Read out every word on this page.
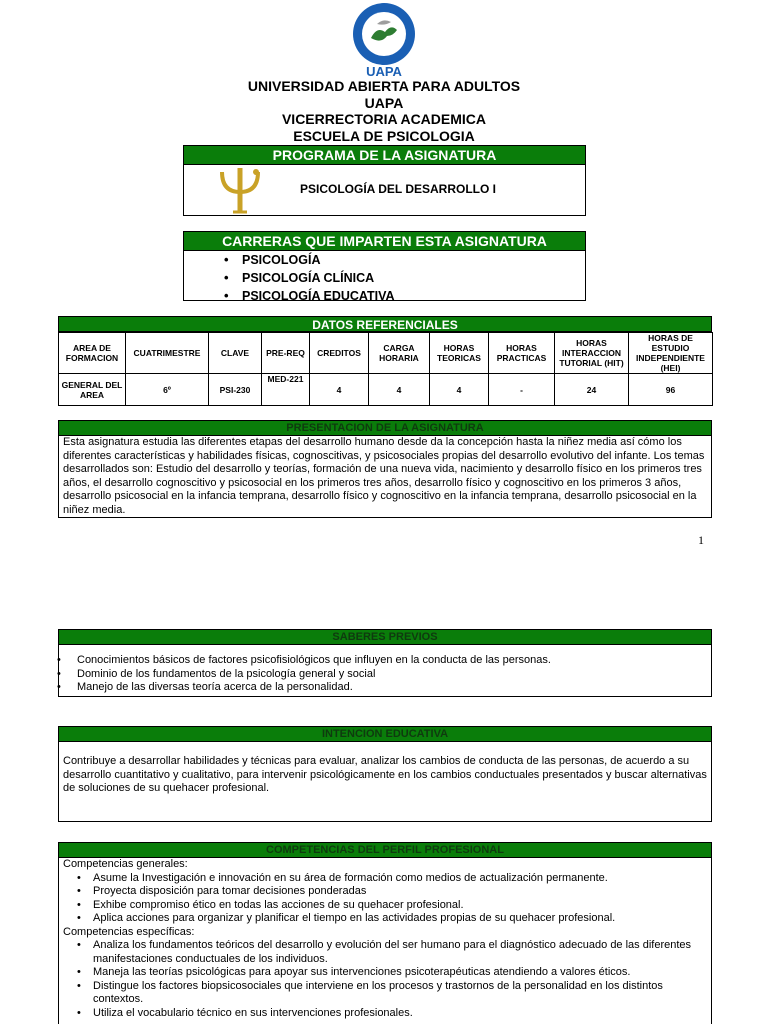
UAPA
UNIVERSIDAD ABIERTA PARA ADULTOS
UAPA
VICERRECTORIA ACADEMICA
ESCUELA DE PSICOLOGIA
PROGRAMA DE LA ASIGNATURA
PSICOLOGÍA DEL DESARROLLO I
CARRERAS QUE IMPARTEN ESTA ASIGNATURA
• PSICOLOGÍA
• PSICOLOGÍA CLÍNICA
• PSICOLOGÍA EDUCATIVA
DATOS REFERENCIALES
AREA DE FORMACION	CUATRIMESTRE	CLAVE	PRE-REQ	CREDITOS	CARGA HORARIA	HORAS TEORICAS	HORAS PRACTICAS	HORAS INTERACCION TUTORIAL (HIT)	HORAS DE ESTUDIO INDEPENDIENTE (HEI)
GENERAL DEL AREA	6º	PSI-230	MED-221	4	4	4	-	24	96
PRESENTACION DE LA ASIGNATURA

Esta asignatura estudia las diferentes etapas del desarrollo humano desde da la concepción hasta la niñez media así cómo los diferentes características y habilidades físicas, cognoscitivas, y psicosociales propias del desarrollo evolutivo del infante. Los temas desarrollados son: Estudio del desarrollo y teorías, formación de una nueva vida, nacimiento y desarrollo físico en los primeros tres años, el desarrollo cognoscitivo y psicosocial en los primeros tres años, desarrollo físico y cognoscitivo en los primeros 3 años, desarrollo psicosocial en la infancia temprana, desarrollo físico y cognoscitivo en la infancia temprana, desarrollo psicosocial en la niñez media.

1
SABERES PREVIOS
• Conocimientos básicos de factores psicofisiológicos que influyen en la conducta de las personas.
• Dominio de los fundamentos de la psicología general y social
• Manejo de las diversas teoría acerca de la personalidad.
INTENCION EDUCATIVA

Contribuye a desarrollar habilidades y técnicas para evaluar, analizar los cambios de conducta de las personas, de acuerdo a su desarrollo cuantitativo y cualitativo, para intervenir psicológicamente en los cambios conductuales presentados y buscar alternativas de soluciones de su quehacer profesional.

COMPETENCIAS DEL PERFIL PROFESIONAL

Competencias generales:

• Asume la Investigación e innovación en su área de formación como medios de actualización permanente.
• Proyecta disposición para tomar decisiones ponderadas
• Exhibe compromiso ético en todas las acciones de su quehacer profesional.
• Aplica acciones para organizar y planificar el tiempo en las actividades propias de su quehacer profesional.

Competencias específicas:

• Analiza los fundamentos teóricos del desarrollo y evolución del ser humano para el diagnóstico adecuado de las diferentes manifestaciones conductuales de los individuos.
• Maneja las teorías psicológicas para apoyar sus intervenciones psicoterapéuticas atendiendo a valores éticos.
• Distingue los factores biopsicosociales que interviene en los procesos y trastornos de la personalidad en los distintos contextos.
• Utiliza el vocabulario técnico en sus intervenciones profesionales.
